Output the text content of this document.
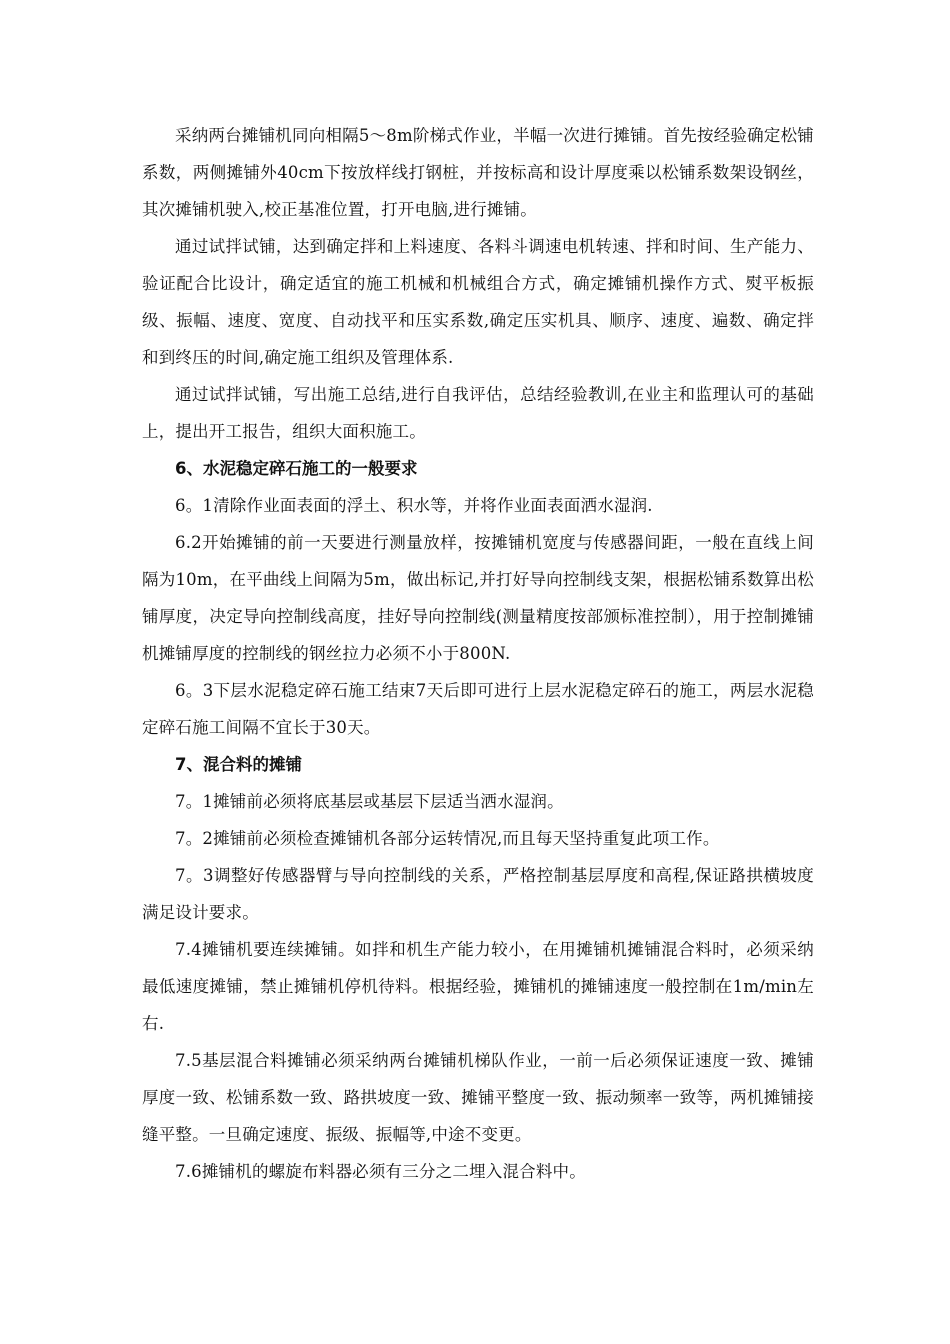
采纳两台摊铺机同向相隔5～8m阶梯式作业，半幅一次进行摊铺。首先按经验确定松铺系数，两侧摊铺外40cm下按放样线打钢桩，并按标高和设计厚度乘以松铺系数架设钢丝，其次摊铺机驶入,校正基准位置，打开电脑,进行摊铺。

通过试拌试铺，达到确定拌和上料速度、各料斗调速电机转速、拌和时间、生产能力、验证配合比设计，确定适宜的施工机械和机械组合方式，确定摊铺机操作方式、熨平板振级、振幅、速度、宽度、自动找平和压实系数,确定压实机具、顺序、速度、遍数、确定拌和到终压的时间,确定施工组织及管理体系.

通过试拌试铺，写出施工总结,进行自我评估，总结经验教训,在业主和监理认可的基础上，提出开工报告，组织大面积施工。

6、水泥稳定碎石施工的一般要求

6。1清除作业面表面的浮土、积水等，并将作业面表面洒水湿润.

6.2开始摊铺的前一天要进行测量放样，按摊铺机宽度与传感器间距，一般在直线上间隔为10m，在平曲线上间隔为5m，做出标记,并打好导向控制线支架，根据松铺系数算出松铺厚度，决定导向控制线高度，挂好导向控制线(测量精度按部颁标准控制），用于控制摊铺机摊铺厚度的控制线的钢丝拉力必须不小于800N.

6。3下层水泥稳定碎石施工结束7天后即可进行上层水泥稳定碎石的施工，两层水泥稳定碎石施工间隔不宜长于30天。

7、混合料的摊铺

7。1摊铺前必须将底基层或基层下层适当洒水湿润。

7。2摊铺前必须检查摊铺机各部分运转情况,而且每天坚持重复此项工作。

7。3调整好传感器臂与导向控制线的关系，严格控制基层厚度和高程,保证路拱横坡度满足设计要求。

7.4摊铺机要连续摊铺。如拌和机生产能力较小，在用摊铺机摊铺混合料时，必须采纳最低速度摊铺，禁止摊铺机停机待料。根据经验，摊铺机的摊铺速度一般控制在1m/min左右.

7.5基层混合料摊铺必须采纳两台摊铺机梯队作业，一前一后必须保证速度一致、摊铺厚度一致、松铺系数一致、路拱坡度一致、摊铺平整度一致、振动频率一致等，两机摊铺接缝平整。一旦确定速度、振级、振幅等,中途不变更。

7.6摊铺机的螺旋布料器必须有三分之二埋入混合料中。
